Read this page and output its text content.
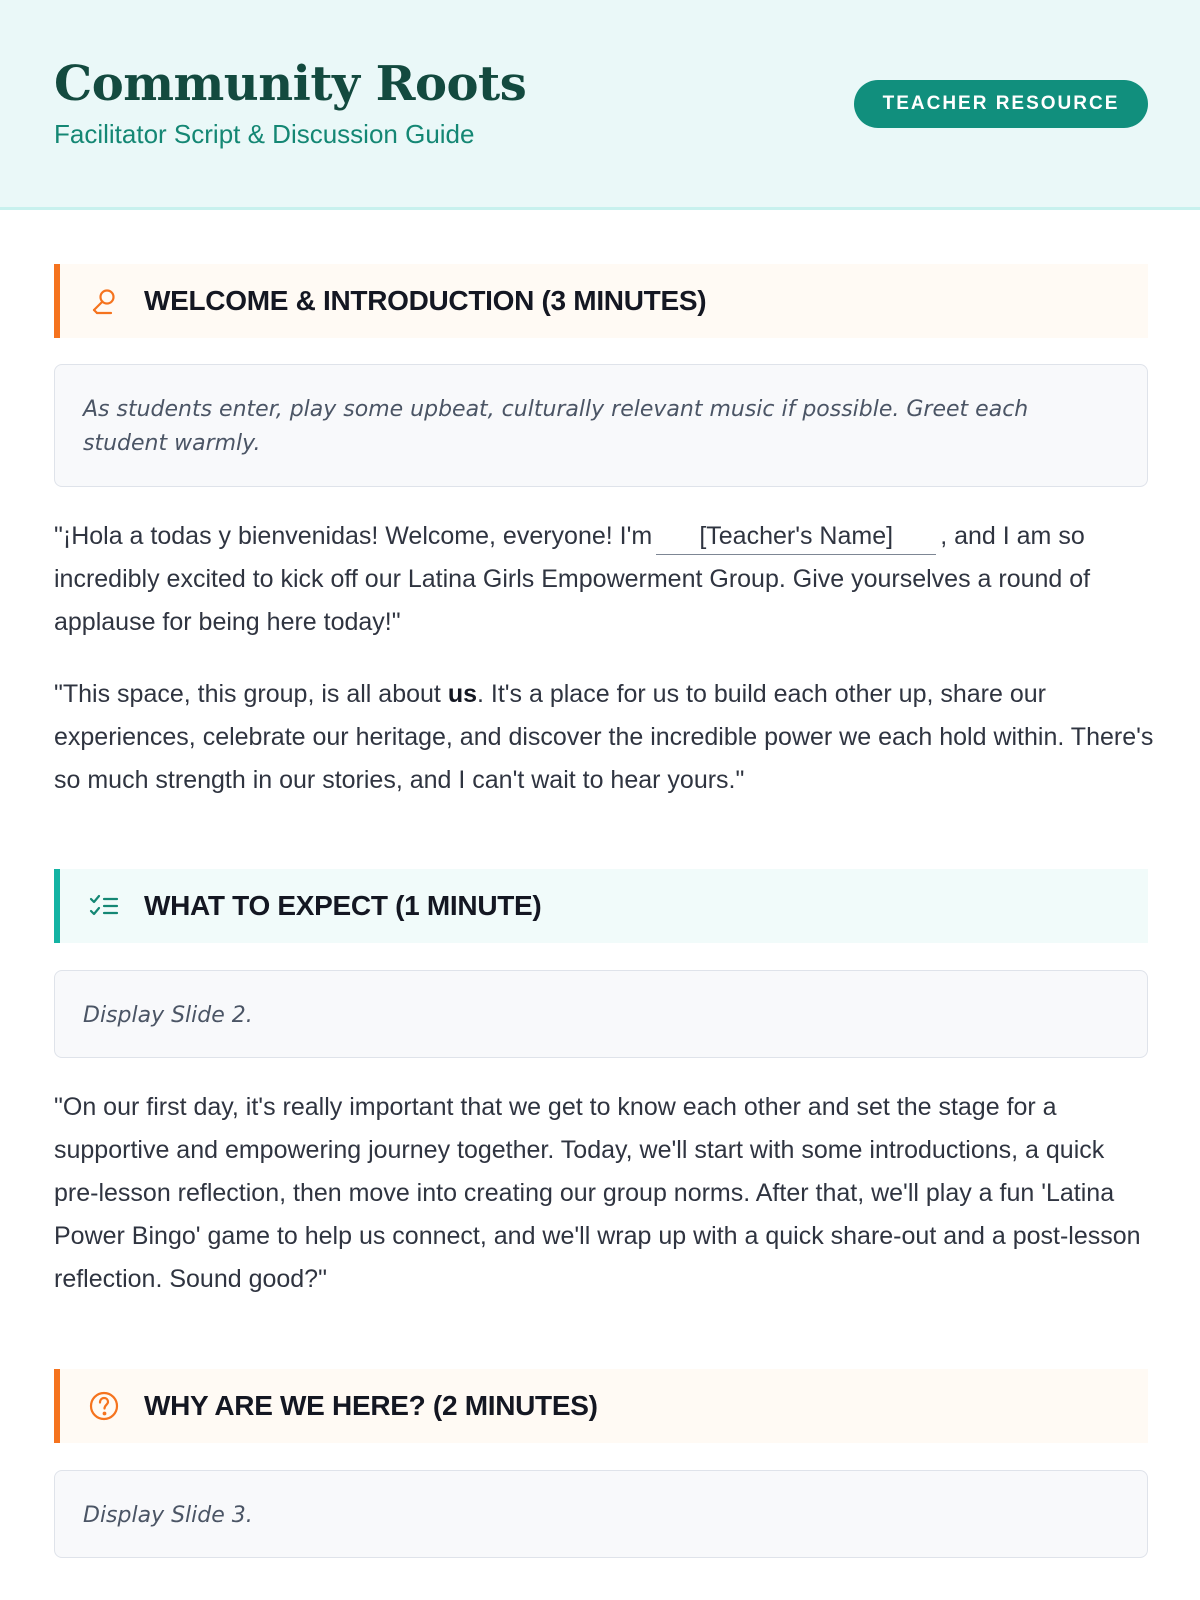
Community Roots
Facilitator Script & Discussion Guide
TEACHER RESOURCE
WELCOME & INTRODUCTION (3 MINUTES)
As students enter, play some upbeat, culturally relevant music if possible. Greet each student warmly.
"¡Hola a todas y bienvenidas! Welcome, everyone! I'm [Teacher's Name] , and I am so incredibly excited to kick off our Latina Girls Empowerment Group. Give yourselves a round of applause for being here today!"
"This space, this group, is all about us. It's a place for us to build each other up, share our experiences, celebrate our heritage, and discover the incredible power we each hold within. There's so much strength in our stories, and I can't wait to hear yours."
WHAT TO EXPECT (1 MINUTE)
Display Slide 2.
"On our first day, it's really important that we get to know each other and set the stage for a supportive and empowering journey together. Today, we'll start with some introductions, a quick pre-lesson reflection, then move into creating our group norms. After that, we'll play a fun 'Latina Power Bingo' game to help us connect, and we'll wrap up with a quick share-out and a post-lesson reflection. Sound good?"
WHY ARE WE HERE? (2 MINUTES)
Display Slide 3.
